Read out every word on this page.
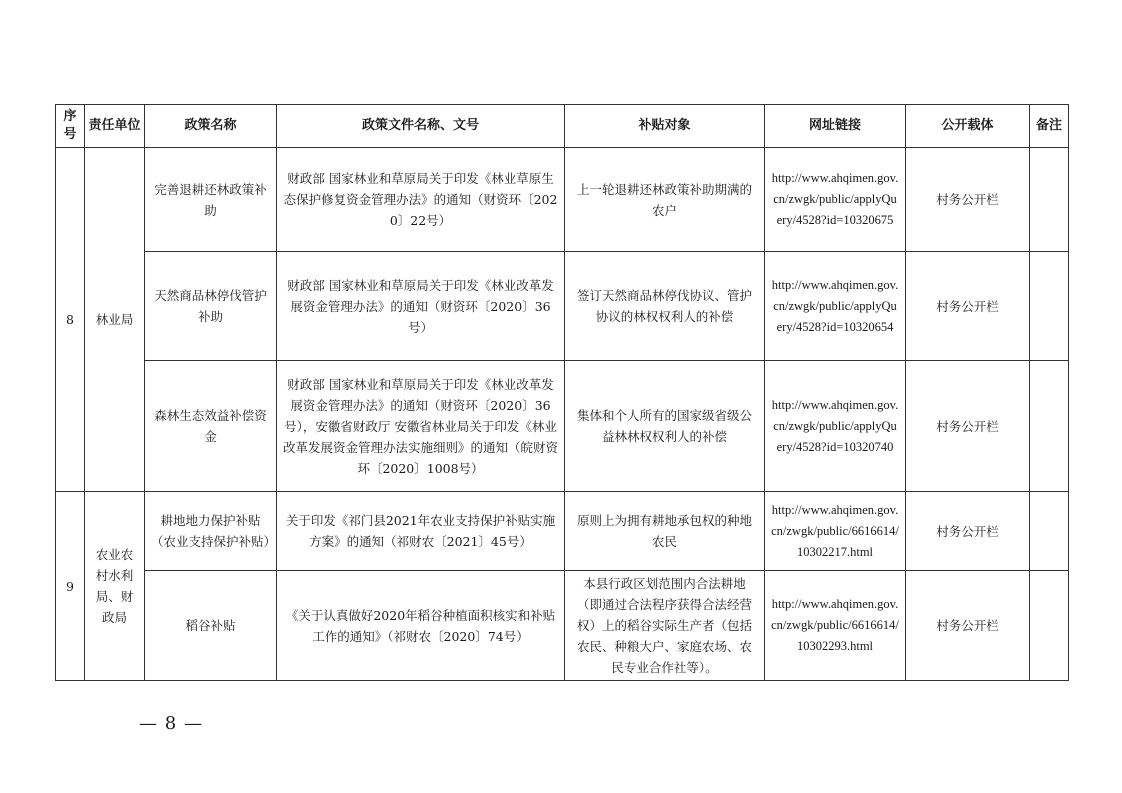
序号	责任单位	政策名称	政策文件名称、文号	补贴对象	网址链接	公开载体	备注
8	林业局	完善退耕还林政策补助	财政部 国家林业和草原局关于印发《林业草原生态保护修复资金管理办法》的通知（财资环〔2020〕22号）	上一轮退耕还林政策补助期满的农户	http://www.ahqimen.gov.cn/zwgk/public/applyQuery/4528?id=10320675	村务公开栏	
		天然商品林停伐管护补助	财政部 国家林业和草原局关于印发《林业改革发展资金管理办法》的通知（财资环〔2020〕36号）	签订天然商品林停伐协议、管护协议的林权权利人的补偿	http://www.ahqimen.gov.cn/zwgk/public/applyQuery/4528?id=10320654	村务公开栏	
		森林生态效益补偿资金	财政部 国家林业和草原局关于印发《林业改革发展资金管理办法》的通知（财资环〔2020〕36号），安徽省财政厅 安徽省林业局关于印发《林业改革发展资金管理办法实施细则》的通知（皖财资环〔2020〕1008号）	集体和个人所有的国家级省级公益林林权权利人的补偿	http://www.ahqimen.gov.cn/zwgk/public/applyQuery/4528?id=10320740	村务公开栏	
9	农业农村水利局、财政局	耕地地力保护补贴（农业支持保护补贴）	关于印发《祁门县2021年农业支持保护补贴实施方案》的通知（祁财农〔2021〕45号）	原则上为拥有耕地承包权的种地农民	http://www.ahqimen.gov.cn/zwgk/public/6616614/10302217.html	村务公开栏	
		稻谷补贴	《关于认真做好2020年稻谷种植面积核实和补贴工作的通知》（祁财农〔2020〕74号）	本县行政区划范围内合法耕地（即通过合法程序获得合法经营权）上的稻谷实际生产者（包括农民、种粮大户、家庭农场、农民专业合作社等）。	http://www.ahqimen.gov.cn/zwgk/public/6616614/10302293.html	村务公开栏	
— 8 —
